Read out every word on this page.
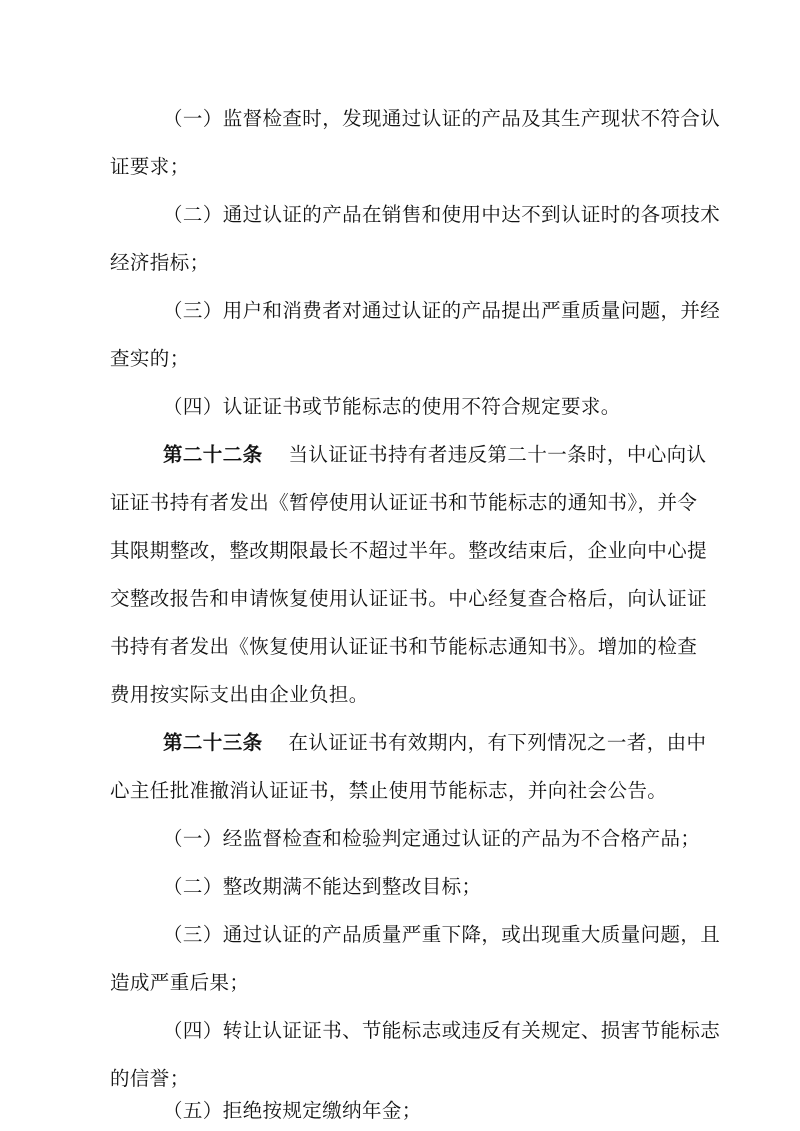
（一）监督检查时，发现通过认证的产品及其生产现状不符合认
证要求；
（二）通过认证的产品在销售和使用中达不到认证时的各项技术
经济指标；
（三）用户和消费者对通过认证的产品提出严重质量问题，并经
查实的；
（四）认证证书或节能标志的使用不符合规定要求。
第二十二条 当认证证书持有者违反第二十一条时，中心向认
证证书持有者发出《暂停使用认证证书和节能标志的通知书》，并令
其限期整改，整改期限最长不超过半年。整改结束后，企业向中心提
交整改报告和申请恢复使用认证证书。中心经复查合格后，向认证证
书持有者发出《恢复使用认证证书和节能标志通知书》。增加的检查
费用按实际支出由企业负担。
第二十三条 在认证证书有效期内，有下列情况之一者，由中
心主任批准撤消认证证书，禁止使用节能标志，并向社会公告。
（一）经监督检查和检验判定通过认证的产品为不合格产品；
（二）整改期满不能达到整改目标；
（三）通过认证的产品质量严重下降，或出现重大质量问题，且
造成严重后果；
（四）转让认证证书、节能标志或违反有关规定、损害节能标志
的信誉；
（五）拒绝按规定缴纳年金；
